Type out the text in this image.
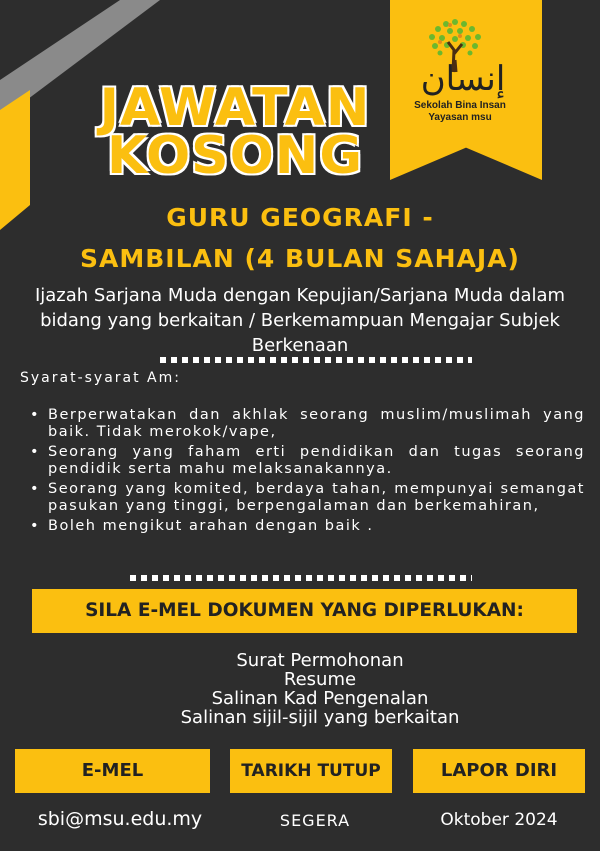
إنسان
Sekolah Bina Insan
Yayasan msu
JAWATAN
KOSONG
GURU GEOGRAFI -
SAMBILAN (4 BULAN SAHAJA)
Ijazah Sarjana Muda dengan Kepujian/Sarjana Muda dalam bidang yang berkaitan / Berkemampuan Mengajar Subjek Berkenaan
Syarat-syarat Am:
• Berperwatakan dan akhlak seorang muslim/muslimah yang baik. Tidak merokok/vape,
• Seorang yang faham erti pendidikan dan tugas seorang pendidik serta mahu melaksanakannya.
• Seorang yang komited, berdaya tahan, mempunyai semangat pasukan yang tinggi, berpengalaman dan berkemahiran,
• Boleh mengikut arahan dengan baik .
SILA E-MEL DOKUMEN YANG DIPERLUKAN:
Surat Permohonan
Resume
Salinan Kad Pengenalan
Salinan sijil-sijil yang berkaitan
E-MEL	TARIKH TUTUP	LAPOR DIRI
sbi@msu.edu.my	SEGERA	Oktober 2024
